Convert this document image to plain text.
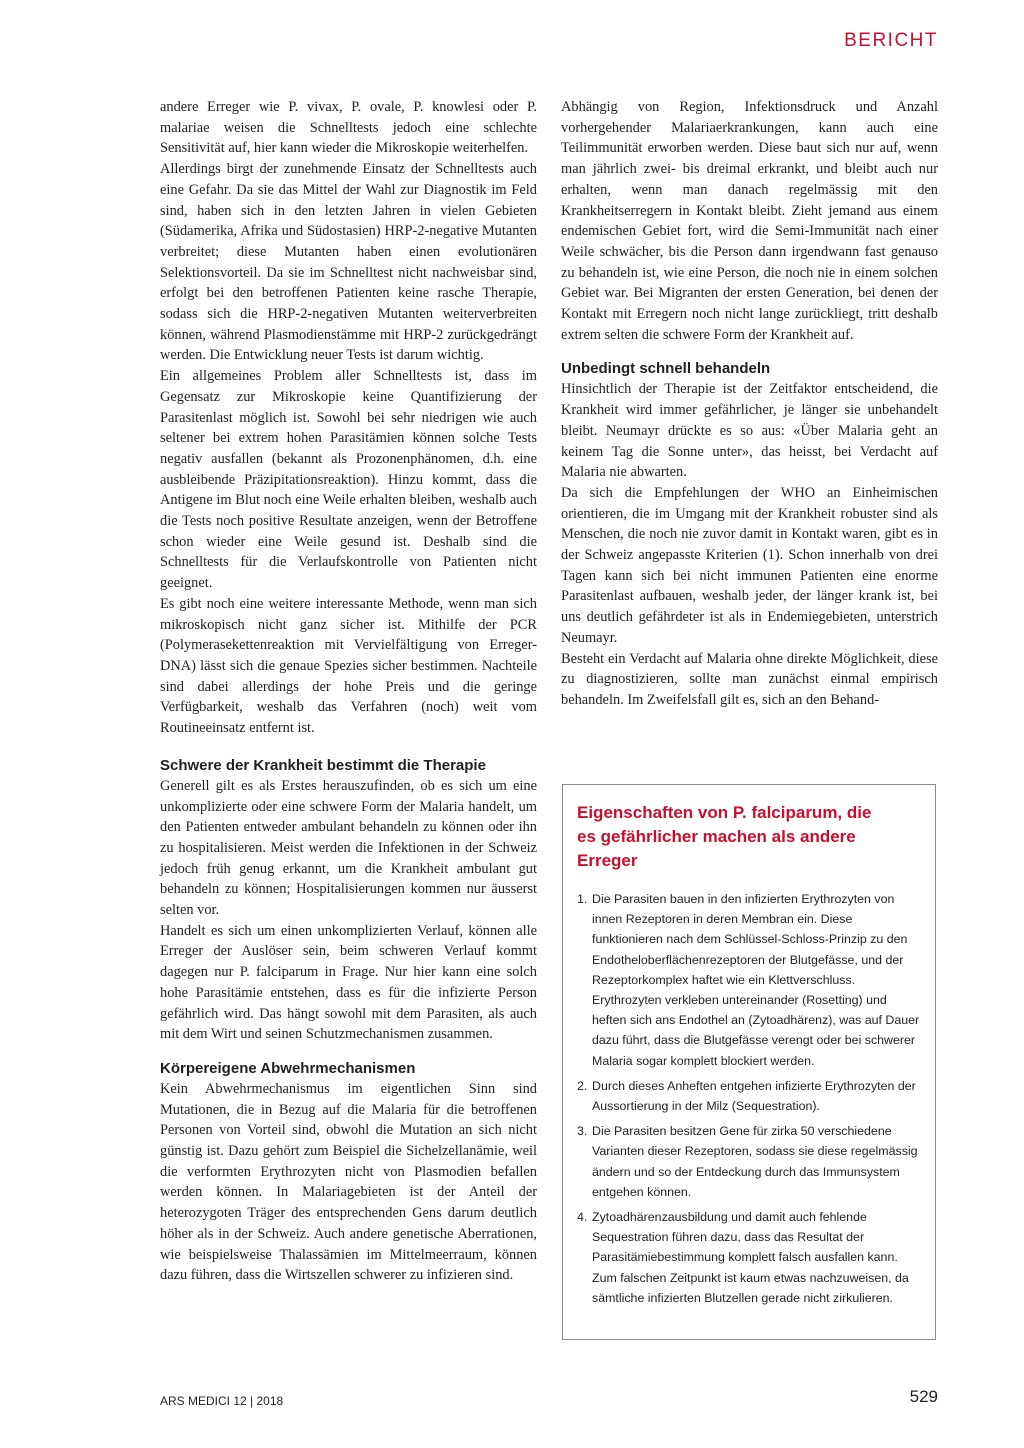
BERICHT

andere Erreger wie P. vivax, P. ovale, P. knowlesi oder P. malariae weisen die Schnelltests jedoch eine schlechte Sensitivität auf, hier kann wieder die Mikroskopie weiterhelfen.

Allerdings birgt der zunehmende Einsatz der Schnelltests auch eine Gefahr. Da sie das Mittel der Wahl zur Diagnostik im Feld sind, haben sich in den letzten Jahren in vielen Gebieten (Südamerika, Afrika und Südostasien) HRP-2-negative Mutanten verbreitet; diese Mutanten haben einen evolutionären Selektionsvorteil. Da sie im Schnelltest nicht nachweisbar sind, erfolgt bei den betroffenen Patienten keine rasche Therapie, sodass sich die HRP-2-negativen Mutanten weiterverbreiten können, während Plasmodienstämme mit HRP-2 zurückgedrängt werden. Die Entwicklung neuer Tests ist darum wichtig.

Ein allgemeines Problem aller Schnelltests ist, dass im Gegensatz zur Mikroskopie keine Quantifizierung der Parasitenlast möglich ist. Sowohl bei sehr niedrigen wie auch seltener bei extrem hohen Parasitämien können solche Tests negativ ausfallen (bekannt als Prozonenphänomen, d.h. eine ausbleibende Präzipitationsreaktion). Hinzu kommt, dass die Antigene im Blut noch eine Weile erhalten bleiben, weshalb auch die Tests noch positive Resultate anzeigen, wenn der Betroffene schon wieder eine Weile gesund ist. Deshalb sind die Schnelltests für die Verlaufskontrolle von Patienten nicht geeignet.

Es gibt noch eine weitere interessante Methode, wenn man sich mikroskopisch nicht ganz sicher ist. Mithilfe der PCR (Polymerasekettenreaktion mit Vervielfältigung von Erreger-DNA) lässt sich die genaue Spezies sicher bestimmen. Nachteile sind dabei allerdings der hohe Preis und die geringe Verfügbarkeit, weshalb das Verfahren (noch) weit vom Routineeinsatz entfernt ist.

Schwere der Krankheit bestimmt die Therapie

Generell gilt es als Erstes herauszufinden, ob es sich um eine unkomplizierte oder eine schwere Form der Malaria handelt, um den Patienten entweder ambulant behandeln zu können oder ihn zu hospitalisieren. Meist werden die Infektionen in der Schweiz jedoch früh genug erkannt, um die Krankheit ambulant gut behandeln zu können; Hospitalisierungen kommen nur äusserst selten vor.

Handelt es sich um einen unkomplizierten Verlauf, können alle Erreger der Auslöser sein, beim schweren Verlauf kommt dagegen nur P. falciparum in Frage. Nur hier kann eine solch hohe Parasitämie entstehen, dass es für die infizierte Person gefährlich wird. Das hängt sowohl mit dem Parasiten, als auch mit dem Wirt und seinen Schutzmechanismen zusammen.

Körpereigene Abwehrmechanismen

Kein Abwehrmechanismus im eigentlichen Sinn sind Mutationen, die in Bezug auf die Malaria für die betroffenen Personen von Vorteil sind, obwohl die Mutation an sich nicht günstig ist. Dazu gehört zum Beispiel die Sichelzellanämie, weil die verformten Erythrozyten nicht von Plasmodien befallen werden können. In Malariagebieten ist der Anteil der heterozygoten Träger des entsprechenden Gens darum deutlich höher als in der Schweiz. Auch andere genetische Aberrationen, wie beispielsweise Thalassämien im Mittelmeerraum, können dazu führen, dass die Wirtszellen schwerer zu infizieren sind.

Abhängig von Region, Infektionsdruck und Anzahl vorhergehender Malariaerkrankungen, kann auch eine Teilimmunität erworben werden. Diese baut sich nur auf, wenn man jährlich zwei- bis dreimal erkrankt, und bleibt auch nur erhalten, wenn man danach regelmässig mit den Krankheitserregern in Kontakt bleibt. Zieht jemand aus einem endemischen Gebiet fort, wird die Semi-Immunität nach einer Weile schwächer, bis die Person dann irgendwann fast genauso zu behandeln ist, wie eine Person, die noch nie in einem solchen Gebiet war. Bei Migranten der ersten Generation, bei denen der Kontakt mit Erregern noch nicht lange zurückliegt, tritt deshalb extrem selten die schwere Form der Krankheit auf.

Unbedingt schnell behandeln

Hinsichtlich der Therapie ist der Zeitfaktor entscheidend, die Krankheit wird immer gefährlicher, je länger sie unbehandelt bleibt. Neumayr drückte es so aus: «Über Malaria geht an keinem Tag die Sonne unter», das heisst, bei Verdacht auf Malaria nie abwarten.

Da sich die Empfehlungen der WHO an Einheimischen orientieren, die im Umgang mit der Krankheit robuster sind als Menschen, die noch nie zuvor damit in Kontakt waren, gibt es in der Schweiz angepasste Kriterien (1). Schon innerhalb von drei Tagen kann sich bei nicht immunen Patienten eine enorme Parasitenlast aufbauen, weshalb jeder, der länger krank ist, bei uns deutlich gefährdeter ist als in Endemiegebieten, unterstrich Neumayr.

Besteht ein Verdacht auf Malaria ohne direkte Möglichkeit, diese zu diagnostizieren, sollte man zunächst einmal empirisch behandeln. Im Zweifelsfall gilt es, sich an den Behand-

Eigenschaften von P. falciparum, die es gefährlicher machen als andere Erreger
1. Die Parasiten bauen in den infizierten Erythrozyten von innen Rezeptoren in deren Membran ein. Diese funktionieren nach dem Schlüssel-Schloss-Prinzip zu den Endotheloberflächenrezeptoren der Blutgefässe, und der Rezeptorkomplex haftet wie ein Klettverschluss. Erythrozyten verkleben untereinander (Rosetting) und heften sich ans Endothel an (Zytoadhärenz), was auf Dauer dazu führt, dass die Blutgefässe verengt oder bei schwerer Malaria sogar komplett blockiert werden.
2. Durch dieses Anheften entgehen infizierte Erythrozyten der Aussortierung in der Milz (Sequestration).
3. Die Parasiten besitzen Gene für zirka 50 verschiedene Varianten dieser Rezeptoren, sodass sie diese regelmässig ändern und so der Entdeckung durch das Immunsystem entgehen können.
4. Zytoadhärenzausbildung und damit auch fehlende Sequestration führen dazu, dass das Resultat der Parasitämiebestimmung komplett falsch ausfallen kann. Zum falschen Zeitpunkt ist kaum etwas nachzuweisen, da sämtliche infizierten Blutzellen gerade nicht zirkulieren.
ARS MEDICI 12 | 2018	529
